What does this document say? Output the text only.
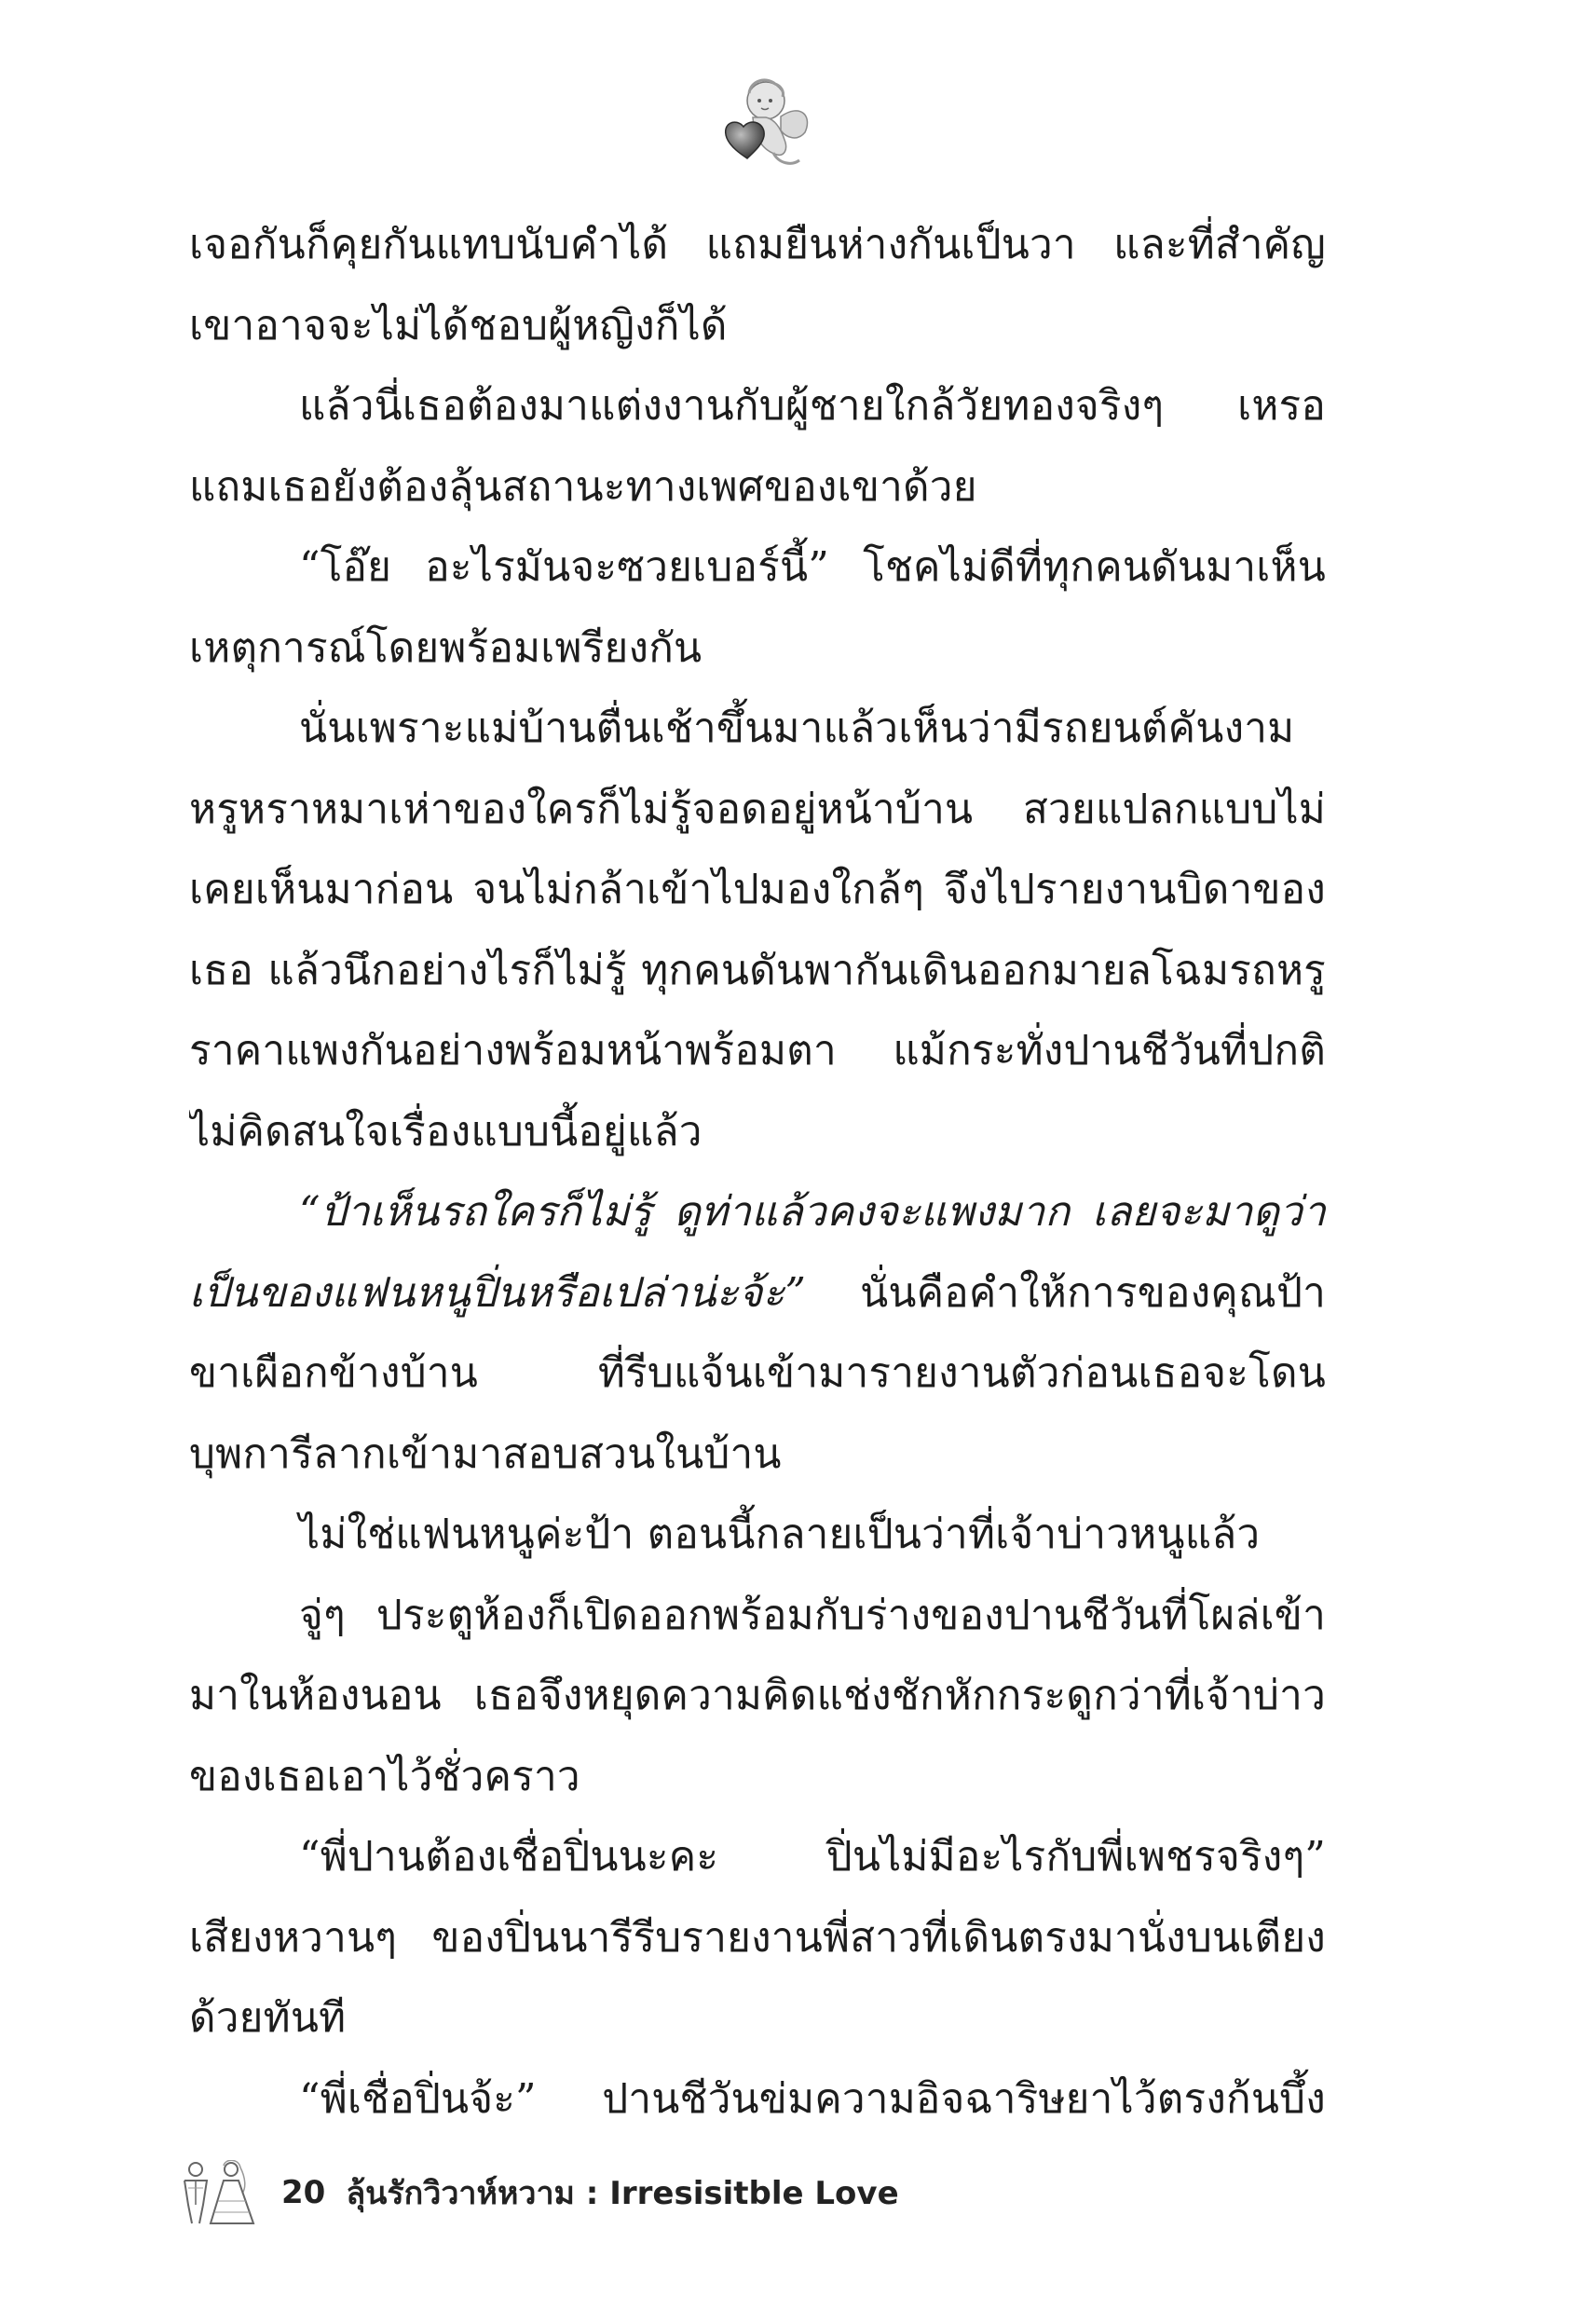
เจอกันก็คุยกันแทบนับคำได้ แถมยืนห่างกันเป็นวา และที่สำคัญเขาอาจจะไม่ได้ชอบผู้หญิงก็ได้

แล้วนี่เธอต้องมาแต่งงานกับผู้ชายใกล้วัยทองจริงๆ เหรอ แถมเธอยังต้องลุ้นสถานะทางเพศของเขาด้วย

“โอ๊ย อะไรมันจะซวยเบอร์นี้” โชคไม่ดีที่ทุกคนดันมาเห็นเหตุการณ์โดยพร้อมเพรียงกัน

นั่นเพราะแม่บ้านตื่นเช้าขึ้นมาแล้วเห็นว่ามีรถยนต์คันงามหรูหราหมาเห่าของใครก็ไม่รู้จอดอยู่หน้าบ้าน สวยแปลกแบบไม่เคยเห็นมาก่อน จนไม่กล้าเข้าไปมองใกล้ๆ จึงไปรายงานบิดาของเธอ แล้วนึกอย่างไรก็ไม่รู้ ทุกคนดันพากันเดินออกมายลโฉมรถหรูราคาแพงกันอย่างพร้อมหน้าพร้อมตา แม้กระทั่งปานชีวันที่ปกติไม่คิดสนใจเรื่องแบบนี้อยู่แล้ว

“ป้าเห็นรถใครก็ไม่รู้ ดูท่าแล้วคงจะแพงมาก เลยจะมาดูว่าเป็นของแฟนหนูปิ่นหรือเปล่าน่ะจ้ะ” นั่นคือคำให้การของคุณป้าขาเผือกข้างบ้าน ที่รีบแจ้นเข้ามารายงานตัวก่อนเธอจะโดนบุพการีลากเข้ามาสอบสวนในบ้าน

ไม่ใช่แฟนหนูค่ะป้า ตอนนี้กลายเป็นว่าที่เจ้าบ่าวหนูแล้ว

จู่ๆ ประตูห้องก็เปิดออกพร้อมกับร่างของปานชีวันที่โผล่เข้ามาในห้องนอน เธอจึงหยุดความคิดแช่งชักหักกระดูกว่าที่เจ้าบ่าวของเธอเอาไว้ชั่วคราว

“พี่ปานต้องเชื่อปิ่นนะคะ ปิ่นไม่มีอะไรกับพี่เพชรจริงๆ” เสียงหวานๆ ของปิ่นนารีรีบรายงานพี่สาวที่เดินตรงมานั่งบนเตียงด้วยทันที

“พี่เชื่อปิ่นจ้ะ” ปานชีวันข่มความอิจฉาริษยาไว้ตรงก้นบึ้ง

20 ลุ้นรักวิวาห์หวาม : Irresisitble Love
